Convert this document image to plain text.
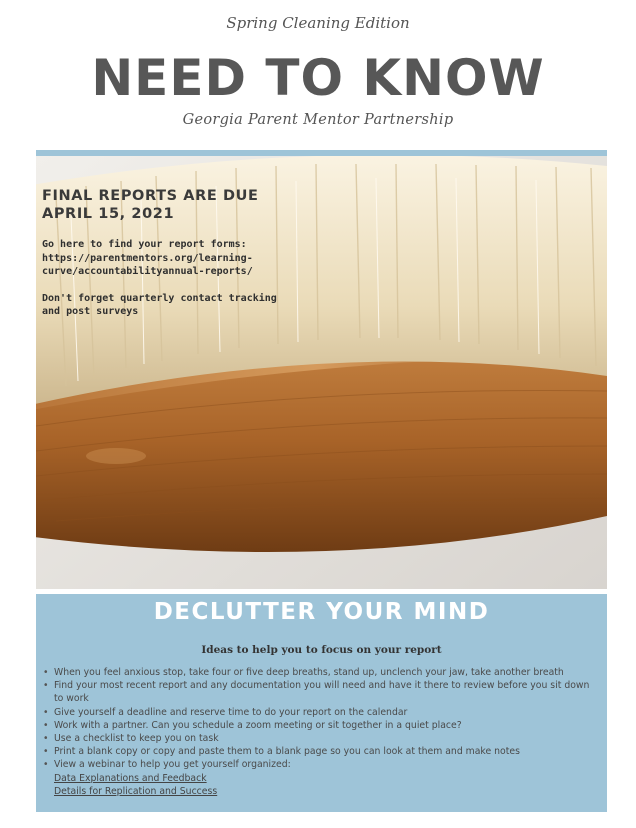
Spring Cleaning Edition
NEED TO KNOW
Georgia Parent Mentor Partnership
FINAL REPORTS ARE DUE
APRIL 15, 2021
Go here to find your report forms:
https://parentmentors.org/learning-
curve/accountabilityannual-reports/
Don't forget quarterly contact tracking
and post surveys
DECLUTTER YOUR MIND
Ideas to help you to focus on your report
• When you feel anxious stop, take four or five deep breaths, stand up, unclench your jaw, take another breath
• Find your most recent report and any documentation you will need and have it there to review before you sit down to work
• Give yourself a deadline and reserve time to do your report on the calendar
• Work with a partner. Can you schedule a zoom meeting or sit together in a quiet place?
• Use a checklist to keep you on task
• Print a blank copy or copy and paste them to a blank page so you can look at them and make notes
• View a webinar to help you get yourself organized:
Data Explanations and Feedback
Details for Replication and Success
